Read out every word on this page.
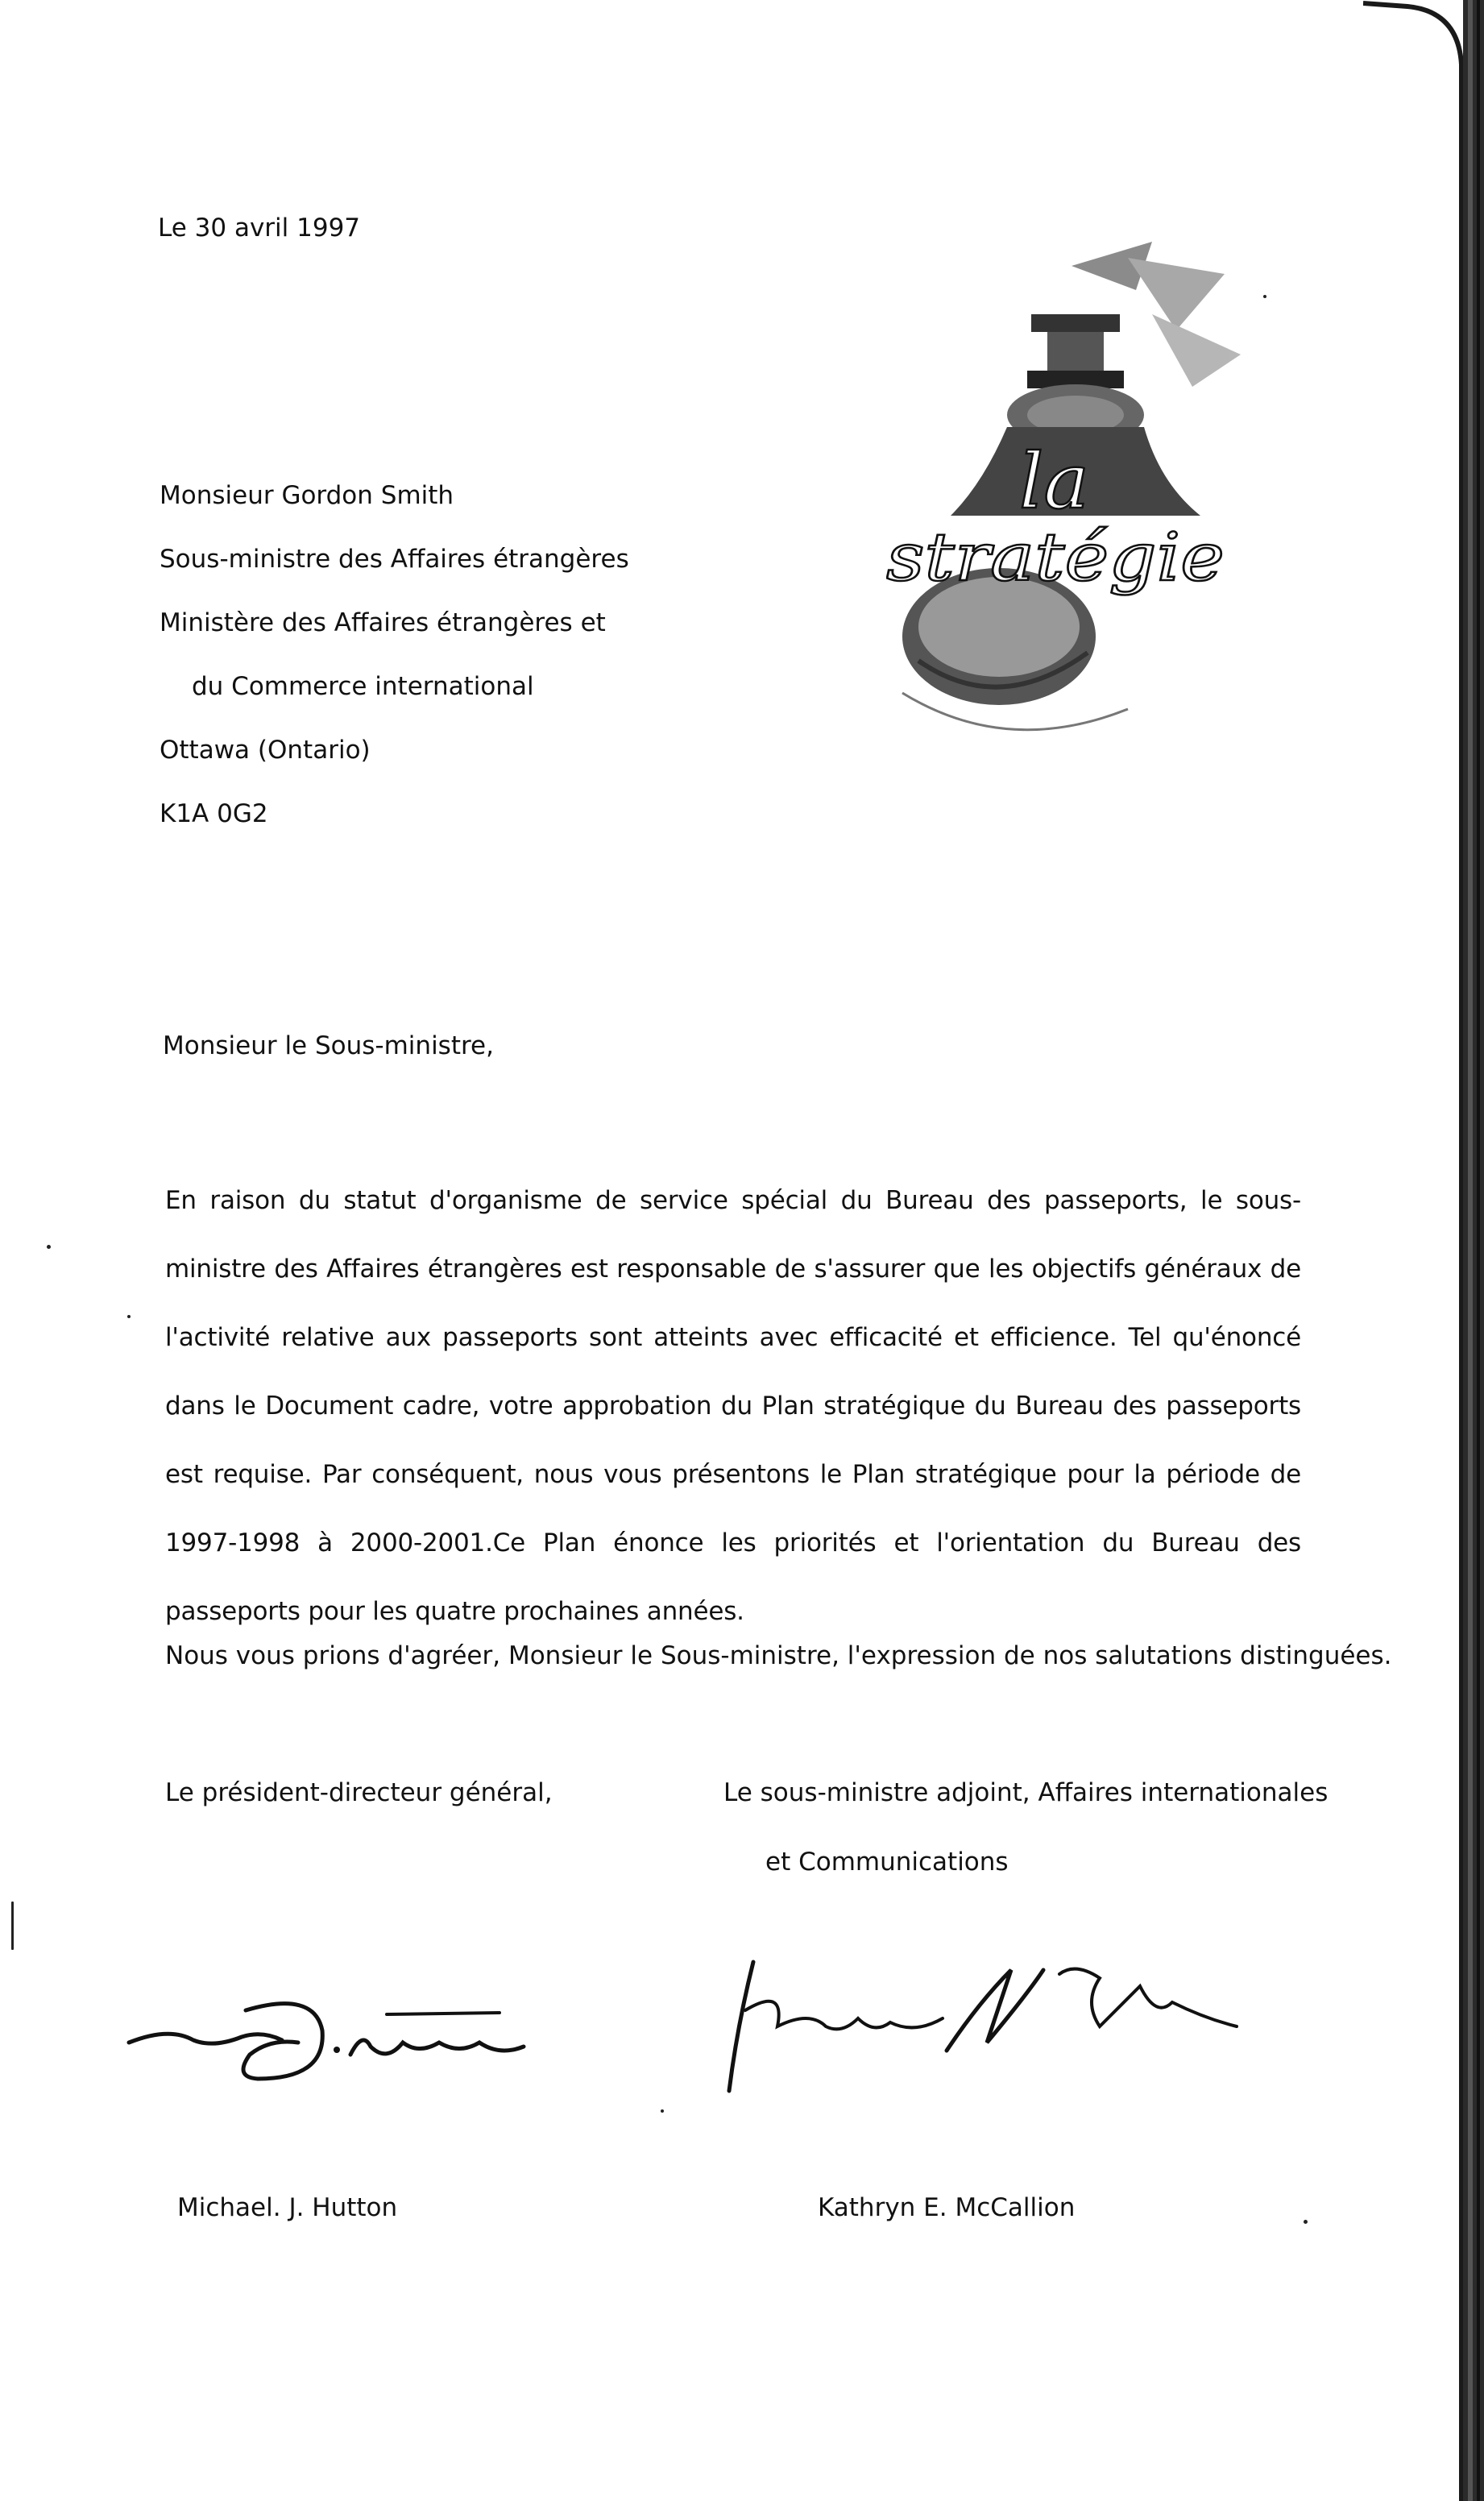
Le 30 avril 1997
Monsieur Gordon Smith
Sous-ministre des Affaires étrangères
Ministère des Affaires étrangères et
du Commerce international
Ottawa (Ontario)
K1A 0G2
la
stratégie
Monsieur le Sous-ministre,
En raison du statut d'organisme de service spécial du Bureau des passeports, le sous-ministre des Affaires étrangères est responsable de s'assurer que les objectifs généraux de l'activité relative aux passeports sont atteints avec efficacité et efficience. Tel qu'énoncé dans le Document cadre, votre approbation du Plan stratégique du Bureau des passeports est requise. Par conséquent, nous vous présentons le Plan stratégique pour la période de 1997-1998 à 2000-2001.Ce Plan énonce les priorités et l'orientation du Bureau des passeports pour les quatre prochaines années.
Nous vous prions d'agréer, Monsieur le Sous-ministre, l'expression de nos salutations distinguées.
Le président-directeur général,	Le sous-ministre adjoint, Affaires internationales
et Communications
Michael. J. Hutton	Kathryn E. McCallion
